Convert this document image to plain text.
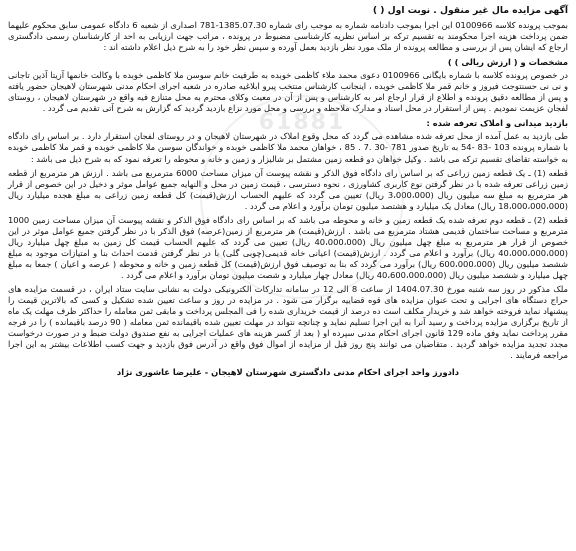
61881
آگهی مزایده مال غیر منقول . نوبت اول ( )

بموجب پرونده کلاسه 0100966 این اجرا بموجب دادنامه شماره به موجب رای شماره 1385.07.30-781 اصداری از شعبه 6 دادگاه عمومی سابق محکوم علیهما ضمن پرداخت هزینه اجرا محکومند به تقسیم ترکه بر اساس نظریه کارشناسی مضبوط در پرونده ، مراتب جهت ارزیابی به احد از کارشناسان رسمی دادگستری ارجاع که ایشان پس از بررسی و مطالعه پرونده از ملک مورد نظر بازدید بعمل آورده و سپس نظر خود را به شرح ذیل اعلام داشته اند :

مشخصات و ( ارزش ریالی ) )

در خصوص پرونده کلاسه با شماره بایگانی 0100966 دعوی محمد ملاء کاظمی خوبده به طرفیت خانم سوسن ملا کاظمی خوبده با وکالت خانمها آزیتا آذین تاجانی و نی نی حسنتوجت فیروز و خانم قمر ملا کاظمی خوبده ، اینجانب کارشناس منتخب پیرو ابلاغیه صادره در شعبه اجرای احکام مدنی شهرستان لاهیجان حضور یافته و پس از مطالعه دقیق پرونده و اطلاع از قرار ارجاع امر به کارشناس و پس از آن در معیت وکلای محترم به محل متنازع فیه واقع در شهرستان لاهیجان ، روستای لفجان عزیمت نمودیم . پس از استقرار در محل اسناد و مدارک ملاحظه و بررسی و محل مورد نزاع بازدید گردید که گزارش به شرح آتی تقدیم می گردد .

بازدید میدانی و املاک تعرفه شده :

طی بازدید به عمل آمده از محل تعرفه شده مشاهده می گردد که محل وقوع املاک در شهرستان لاهیجان و در روستای لفجان استقرار دارد . بر اساس رای دادگاه با شماره پرونده 103 -83 -54 به تاریخ صدور 781 -30 .7 . 85 ، خواهان محمد ملا کاظمی خوبده و خواندگان سوسن ملا کاظمی خوبده و قمر ملا کاظمی خوبده به خواسته تقاضای تقسیم ترکه می باشد . وکیل خواهان دو قطعه زمین مشتمل بر شالیزار و زمین و خانه و محوطه را تعرفه نمود که به شرح ذیل می باشد :

قطعه (1) ـ یک قطعه زمین زراعی که بر اساس رای دادگاه فوق الذکر و نقشه پیوست آن میزان مساحت 6000 مترمربع می باشد . ارزش هر مترمربع از قطعه زمین زراعی تعرفه شده با در نظر گرفتن نوع کاربری کشاورزی ، نحوه دسترسی ، قیمت زمین در محل و النهایه جمیع عوامل موثر و دخیل در این خصوص از قرار هر مترمربع به مبلغ سه میلیون ریال (3،000،000 ریال) تعیین می گردد که علیهم الحساب ارزش(قیمت) کل قطعه زمین زراعی به مبلغ هجده میلیارد ریال (18،000،000،000 ریال) معادل یک میلیارد و هشتصد میلیون تومان برآورد و اعلام می گردد .

قطعه (2) ـ قطعه دوم تعرفه شده یک قطعه زمین و خانه و محوطه می باشد که بر اساس رای دادگاه فوق الذکر و نقشه پیوست آن میزان مساحت زمین 1000 مترمربع و مساحت ساختمان قدیمی هشتاد مترمربع می باشد . ارزش(قیمت) هر مترمربع از زمین(عرصه) فوق الذکر با در نظر گرفتن جمیع عوامل موثر در این خصوص از قرار هر مترمربع به مبلغ چهل میلیون ریال (40،000،000 ریال) تعیین می گردد که علیهم الحساب قیمت کل زمین به مبلغ چهل میلیارد ریال (40،000،000،000 ریال) برآورد و اعلام می گردد . ارزش(قیمت) اعیانی خانه قدیمی(چوبی گلی) با در نظر گرفتن قدمت احداث بنا و امتیازات موجود به مبلغ ششصد میلیون ریال (600،000،000 ریال) برآورد می گردد که بنا به توصیف فوق ارزش(قیمت) کل قطعه زمین و خانه و محوطه ( عرصه و اعیان ) جمعا به مبلغ چهل میلیارد و ششصد میلیون ریال (40،600،000،000 ریال) معادل چهار میلیارد و شصت میلیون تومان برآورد و اعلام می گردد .

ملک مذکور در روز سه شنبه مورخ 1404.07.30 از ساعت 8 الی 12 در سامانه تدارکات الکترونیکی دولت به نشانی سایت ستاد ایران ، در قسمت مزایده های حراج دستگاه های اجرایی و تحت عنوان مزایده های قوه قضاییه برگزار می شود . در مزایده در روز و ساعت تعیین شده تشکیل و کسی که بالاترین قیمت را پیشنهاد نماید فروخته خواهد شد و خریدار مکلف است ده درصد از قیمت خریداری شده را فی المجلس پرداخت و مابقی ثمن معامله را حداکثر ظرف مهلت یک ماه از تاریخ برگزاری مزایده پرداخت و رسید آنرا به این اجرا تسلیم نماید و چنانچه نتواند در مهلت تعیین شده باقیمانده ثمن معامله ( 90 درصد باقیمانده ) را در فرجه مقرر پرداخت نماید وفق ماده 129 قانون اجرای احکام مدنی سپرده او ( بعد از کسر هزینه های عملیات اجرایی به نفع صندوق دولت ضبط و در صورت درخواست مجدد تجدید مزایده خواهد گردید . متقاضیان می توانند پنج روز قبل از مزایده از اموال فوق واقع در آدرس فوق بازدید و جهت کسب اطلاعات بیشتر به این اجرا مراجعه فرمایند .

دادورز واحد اجرای احکام مدنی دادگستری شهرستان لاهیجان - علیرضا عاشوری نژاد
